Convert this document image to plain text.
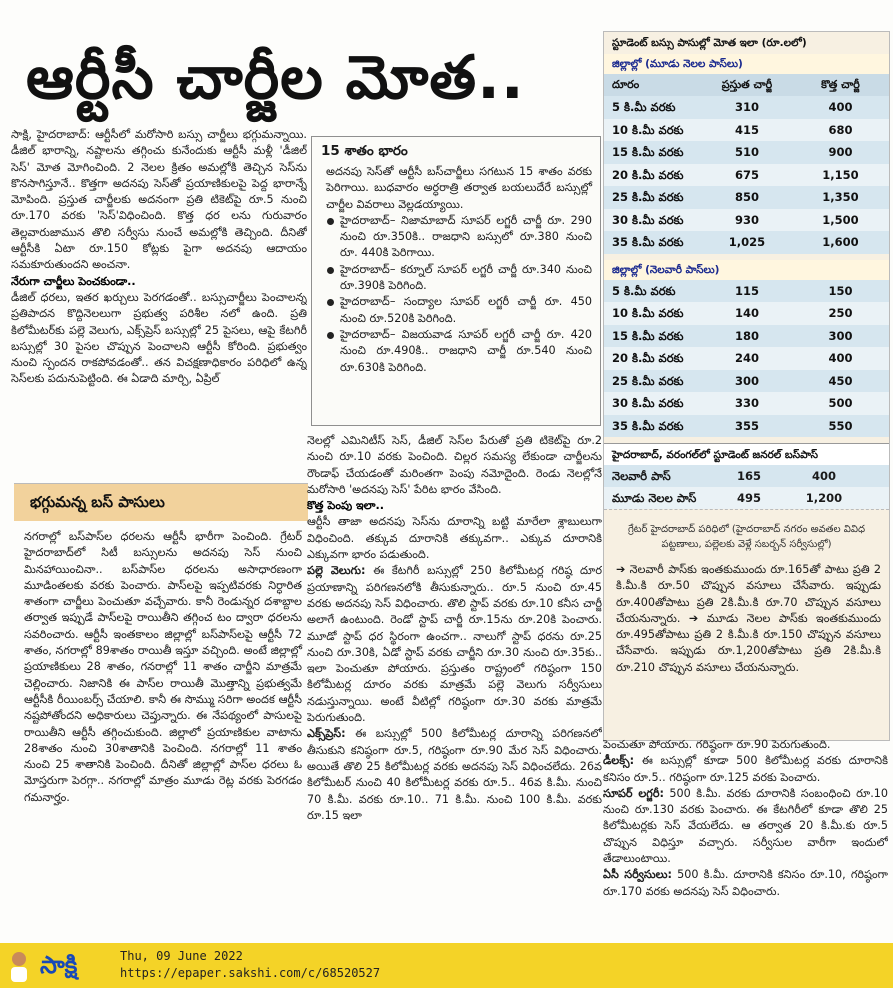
ఆర్టీసీ చార్జీల మోత..

సాక్షి, హైదరాబాద్: ఆర్టీసీలో మరోసారి బస్సు చార్జీలు భగ్గుమన్నాయి. డీజిల్ భారాన్ని, నష్టాలను తగ్గించు కునేందుకు ఆర్టీసీ మళ్లీ 'డీజిల్ సెస్' మోత మోగించింది. 2 నెలల క్రితం అమల్లోకి తెచ్చిన సెస్‌ను కొనసాగిస్తూనే.. కొత్తగా అదనపు సెస్‌తో ప్రయాణికులపై పెద్ద భారాన్నే మోపింది. ప్రస్తుత చార్జీలకు అదనంగా ప్రతి టికెట్‌పై రూ.5 నుంచి రూ.170 వరకు 'సెస్'విధించింది. కొత్త ధర లను గురువారం తెల్లవారుజామున తొలి సర్వీసు నుంచే అమల్లోకి తెచ్చింది. దీనితో ఆర్టీసీకి ఏటా రూ.150 కోట్లకు పైగా అదనపు ఆదాయం సమకూరుతుందని అంచనా.

నేరుగా చార్జీలు పెంచకుండా..

డీజిల్ ధరలు, ఇతర ఖర్చులు పెరగడంతో.. బస్సుచార్జీలు పెంచాలన్న ప్రతిపాదన కొద్దినెలలుగా ప్రభుత్వ పరిశీల నలో ఉంది. ప్రతి కిలోమీటర్‌కు పల్లె వెలుగు, ఎక్స్‌ప్రెస్ బస్సుల్లో 25 పైసలు, ఆపై కేటగిరీ బస్సుల్లో 30 పైసల చొప్పున పెంచాలని ఆర్టీసీ కోరింది. ప్రభుత్వం నుంచి స్పందన రాకపోవడంతో.. తన విచక్షణాధికారం పరిధిలో ఉన్న సెస్‌లకు పదునుపెట్టింది. ఈ ఏడాది మార్చి, ఏప్రిల్

భగ్గుమన్న బస్ పాసులు
నగరాల్లో బస్‌పాస్‌ల ధరలను ఆర్టీసీ భారీగా పెంచింది. గ్రేటర్ హైదరాబాద్‌లో సిటీ బస్సులను అదనపు సెస్ నుంచి మినహాయించినా.. బస్‌పాస్‌ల ధరలను అసాధారణంగా మూడింతలకు వరకు పెంచారు. పాస్‌లపై ఇప్పటివరకు నిర్ధారిత శాతంగా చార్జీలు పెంచుతూ వచ్చేవారు. కానీ రెండున్నర దశాబ్దాల తర్వాత ఇప్పుడే పాస్‌లపై రాయితీని తగ్గించ టం ద్వారా ధరలను సవరించారు. ఆర్టీసీ ఇంతకాలం జిల్లాల్లో బస్‌పాస్‌లపై ఆర్టీసీ 72 శాతం, నగరాల్లో 89శాతం రాయితీ ఇస్తూ వచ్చింది. అంటే జిల్లాల్లో ప్రయాణికులు 28 శాతం, గనరాల్లో 11 శాతం చార్జీని మాత్రమే చెల్లించారు. నిజానికి ఈ పాస్‌ల రాయితీ మొత్తాన్ని ప్రభుత్వమే ఆర్టీసీకి రీయింబర్స్ చేయాలి. కానీ ఈ సొమ్ము సరిగా అందక ఆర్టీసీ నష్టపోతోందని అధికారులు చెప్తున్నారు. ఈ నేపథ్యంలో పాసులపై రాయితీని ఆర్టీసీ తగ్గించుకుంది. జిల్లాలో ప్రయాణికుల వాటాను 28శాతం నుంచి 30శాతానికి పెంచింది. నగరాల్లో 11 శాతం నుంచి 25 శాతానికి పెంచింది. దీనితో జిల్లాల్లో పాస్‌ల ధరలు ఓ మోస్తరుగా పెరగ్గా.. నగరాల్లో మాత్రం మూడు రెట్ల వరకు పెరగడం గమనార్హం.
15 శాతం భారం

అదనపు సెస్‌తో ఆర్టీసీ బస్‌చార్జీలు సగటున 15 శాతం వరకు పెరిగాయి. బుధవారం అర్ధరాత్రి తర్వాత బయలుదేరే బస్సుల్లో చార్జీల వివరాలు వెల్లడయ్యాయి.

హైదరాబాద్– నిజామాబాద్ సూపర్ లగ్జరీ చార్జీ రూ. 290 నుంచి రూ.350కి.. రాజధాని బస్సులో రూ.380 నుంచి రూ. 440కి పెరిగాయి.

హైదరాబాద్– కర్నూల్ సూపర్ లగ్జరీ చార్జీ రూ.340 నుంచి రూ.390కి పెరిగింది.

హైదరాబాద్– సంద్యాల సూపర్ లగ్జరీ చార్జీ రూ. 450 నుంచి రూ.520కి పెరిగింది.

హైదరాబాద్– విజయవాడ సూపర్ లగ్జరీ చార్జీ రూ. 420 నుంచి రూ.490కి.. రాజధాని చార్జీ రూ.540 నుంచి రూ.630కి పెరిగింది.

నెలల్లో ఎమినిటీస్ సెస్, డీజిల్ సెస్‌ల పేరుతో ప్రతి టికెట్‌పై రూ.2 నుంచి రూ.10 వరకు పెంచింది. చిల్లర సమస్య లేకుండా చార్జీలను రౌండాఫ్ చేయడంతో మరింతగా పెంపు నమోదైంది. రెండు నెలల్లోనే మరోసారి 'అదనపు సెస్' పేరిట భారం వేసింది.

కొత్త పెంపు ఇలా..

ఆర్టీసీ తాజా అదనపు సెస్‌ను దూరాన్ని బట్టి మారేలా శ్లాబులుగా విధించింది. తక్కువ దూరానికి తక్కువగా.. ఎక్కువ దూరానికి ఎక్కువగా భారం పడుతుంది.

పల్లె వెలుగు: ఈ కేటగిరీ బస్సుల్లో 250 కిలోమీటర్ల గరిష్ఠ దూర ప్రయాణాన్ని పరిగణనలోకి తీసుకున్నారు.. రూ.5 నుంచి రూ.45 వరకు అదనపు సెస్ విధించారు. తొలి స్టాప్ వరకు రూ.10 కనీస చార్జీ అలాగే ఉంటుంది. రెండో స్టాప్ చార్జీ రూ.15ను రూ.20కి పెంచారు. మూడో స్టాప్ ధర స్థిరంగా ఉంచగా.. నాలుగో స్టాప్ ధరను రూ.25 నుంచి రూ.30కి, ఏడో స్టాప్ వరకు చార్జీని రూ.30 నుంచి రూ.35కు.. ఇలా పెంచుతూ పోయారు. ప్రస్తుతం రాష్ట్రంలో గరిష్ఠంగా 150 కిలోమీటర్ల దూరం వరకు మాత్రమే పల్లె వెలుగు సర్వీసులు నడుస్తున్నాయి. అంటే వీటిల్లో గరిష్ఠంగా రూ.30 వరకు మాత్రమే పెరుగుతుంది.

ఎక్స్‌ప్రెస్: ఈ బస్సుల్లో 500 కిలోమీటర్ల దూరాన్ని పరిగణనలో తీసుకుని కనిష్ఠంగా రూ.5, గరిష్ఠంగా రూ.90 మేర సెస్ విధించారు. అయితే తొలి 25 కిలోమీటర్ల వరకు అదనపు సెస్ విధించలేదు. 26వ కిలోమీటర్ నుంచి 40 కిలోమీటర్ల వరకు రూ.5.. 46వ కి.మీ. నుంచి 70 కి.మీ. వరకు రూ.10.. 71 కి.మీ. నుంచి 100 కి.మీ. వరకు రూ.15 ఇలా

స్టూడెంట్ బస్సు పాసుల్లో మోత ఇలా (రూ.లలో)
జిల్లాల్లో (మూడు నెలల పాస్‌లు)
దూరం	ప్రస్తుత చార్జీ	కొత్త చార్జీ
5 కి.మీ వరకు	310	400
10 కి.మీ వరకు	415	680
15 కి.మీ వరకు	510	900
20 కి.మీ వరకు	675	1,150
25 కి.మీ వరకు	850	1,350
30 కి.మీ వరకు	930	1,500
35 కి.మీ వరకు	1,025	1,600
జిల్లాల్లో (నెలవారీ పాస్‌లు)
5 కి.మీ వరకు	115	150
10 కి.మీ వరకు	140	250
15 కి.మీ వరకు	180	300
20 కి.మీ వరకు	240	400
25 కి.మీ వరకు	300	450
30 కి.మీ వరకు	330	500
35 కి.మీ వరకు	355	550
హైదరాబాద్, వరంగల్‌లో స్టూడెంట్ జనరల్ బస్‌పాస్
నెలవారీ పాస్	165	400
మూడు నెలల పాస్	495	1,200
గ్రేటర్ హైదరాబాద్ పరిధిలో (హైదరాబాద్ నగరం అవతల వివిధ పట్టణాలు, పల్లెలకు వెళ్లే సబర్బన్ సర్వీసుల్లో)
➔ నెలవారీ పాస్‌కు ఇంతకుముందు రూ.165తో పాటు ప్రతి 2 కి.మీ.కి రూ.50 చొప్పున వసూలు చేసేవారు. ఇప్పుడు రూ.400తోపాటు ప్రతి 2కి.మీ.కి రూ.70 చొప్పున వసూలు చేయనున్నారు. ➔ మూడు నెలల పాస్‌కు ఇంతకుముందు రూ.495తోపాటు ప్రతి 2 కి.మీ.కి రూ.150 చొప్పున వసూలు చేసేవారు. ఇప్పుడు రూ.1,200తోపాటు ప్రతి 2కి.మీ.కి రూ.210 చొప్పున వసూలు చేయనున్నారు.

పెంచుతూ పోయారు. గరిష్ఠంగా రూ.90 పెరుగుతుంది.

డీలక్స్: ఈ బస్సుల్లో కూడా 500 కిలోమీటర్ల వరకు దూరానికి కనిసం రూ.5.. గరిష్ఠంగా రూ.125 వరకు పెంచారు.

సూపర్ లగ్జరీ: 500 కి.మీ. వరకు దూరానికి సంబంధించి రూ.10 నుంచి రూ.130 వరకు పెంచారు. ఈ కేటగిరీలో కూడా తొలి 25 కిలోమీటర్లకు సెస్ వేయలేదు. ఆ తర్వాత 20 కి.మీ.కు రూ.5 చొప్పున విధిస్తూ వచ్చారు. సర్వీసుల వారీగా ఇందులో తేడాలుంటాయి.

ఏసీ సర్వీసులు: 500 కి.మీ. దూరానికి కనిసం రూ.10, గరిష్ఠంగా రూ.170 వరకు అదనపు సెస్ విధించారు.

సాక్షి	Thu, 09 June 2022
https://epaper.sakshi.com/c/68520527
